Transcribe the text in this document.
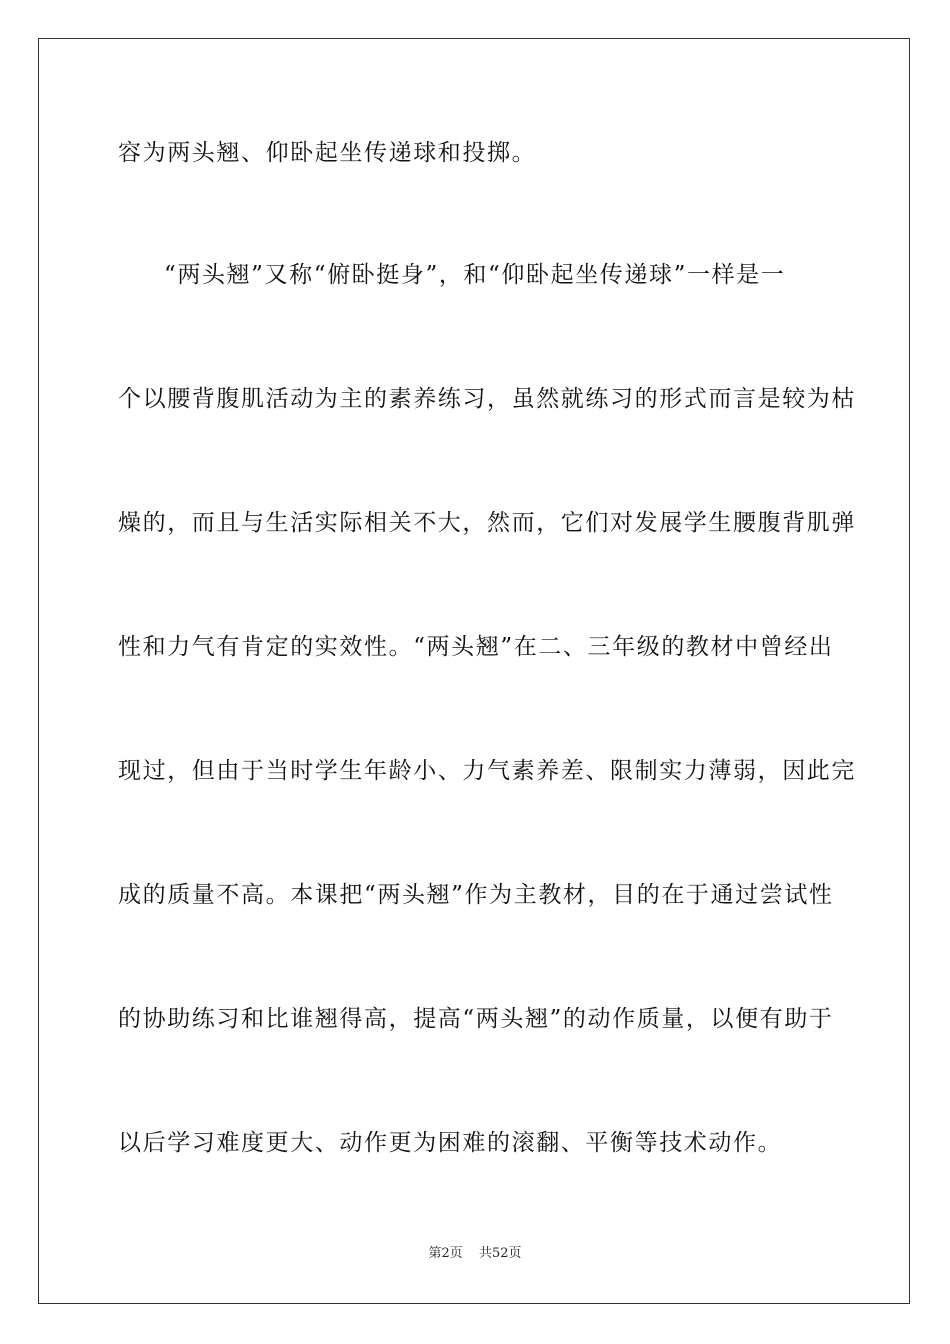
容为两头翘、仰卧起坐传递球和投掷。
“两头翘”又称“俯卧挺身”，和“仰卧起坐传递球”一样是一
个以腰背腹肌活动为主的素养练习，虽然就练习的形式而言是较为枯
燥的，而且与生活实际相关不大，然而，它们对发展学生腰腹背肌弹
性和力气有肯定的实效性。“两头翘”在二、三年级的教材中曾经出
现过，但由于当时学生年龄小、力气素养差、限制实力薄弱，因此完
成的质量不高。本课把“两头翘”作为主教材，目的在于通过尝试性
的协助练习和比谁翘得高，提高“两头翘”的动作质量，以便有助于
以后学习难度更大、动作更为困难的滚翻、平衡等技术动作。
第2页 共52页
